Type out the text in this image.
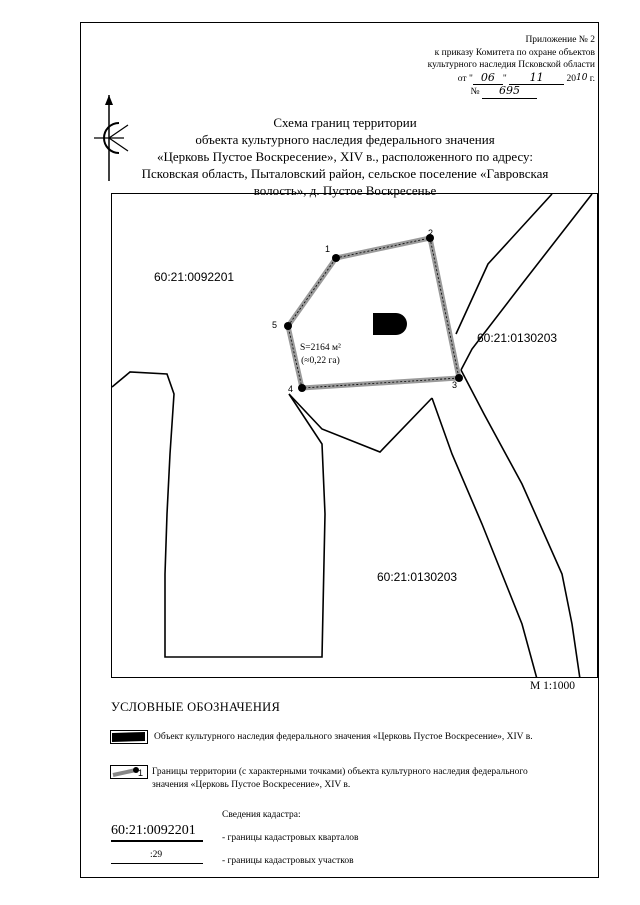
Приложение № 2
к приказу Комитета по охране объектов
культурного наследия Псковской области
от " 06 " 11 2010 г.
№ 695
Схема границ территории
объекта культурного наследия федерального значения
«Церковь Пустое Воскресение», XIV в., расположенного по адресу:
Псковская область, Пыталовский район, сельское поселение «Гавровская
волость», д. Пустое Воскресенье
60:21:0092201
60:21:0130203
60:21:0130203
1
2
3
4
5
S=2164 м²
(≈0,22 га)
М 1:1000
УСЛОВНЫЕ ОБОЗНАЧЕНИЯ
Объект культурного наследия федерального значения «Церковь Пустое Воскресение», XIV в.
1 Границы территории (с характерными точками) объекта культурного наследия федерального
значения «Церковь Пустое Воскресение», XIV в.
Сведения кадастра:
60:21:0092201	- границы кадастровых кварталов
:29
- границы кадастровых участков
